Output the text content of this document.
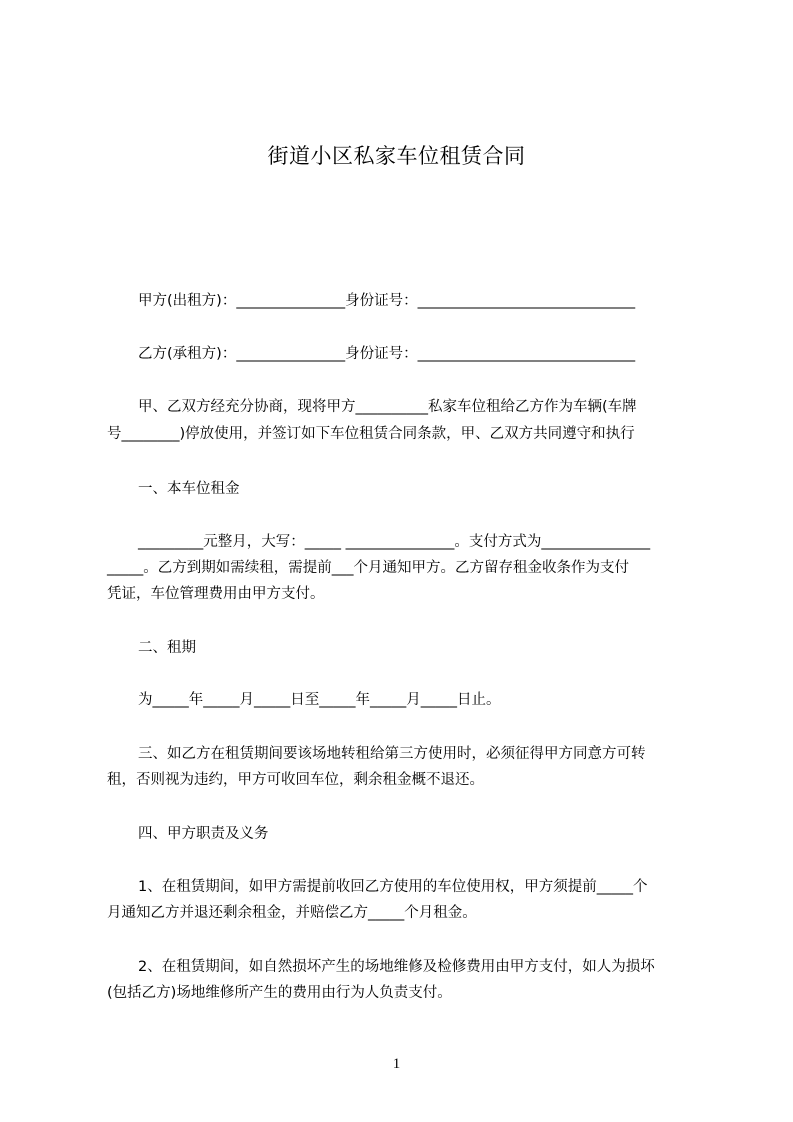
街道小区私家车位租赁合同
甲方(出租方)：_______________身份证号：______________________________
乙方(承租方)：_______________身份证号：______________________________
甲、乙双方经充分协商，现将甲方__________私家车位租给乙方作为车辆(车牌
号________)停放使用，并签订如下车位租赁合同条款，甲、乙双方共同遵守和执行
一、本车位租金
_________元整月，大写：_____ _______________。支付方式为_______________
_____。乙方到期如需续租，需提前___个月通知甲方。乙方留存租金收条作为支付
凭证，车位管理费用由甲方支付。
二、租期
为_____年_____月_____日至_____年_____月_____日止。
三、如乙方在租赁期间要该场地转租给第三方使用时，必须征得甲方同意方可转
租，否则视为违约，甲方可收回车位，剩余租金概不退还。
四、甲方职责及义务
1、在租赁期间，如甲方需提前收回乙方使用的车位使用权，甲方须提前_____个
月通知乙方并退还剩余租金，并赔偿乙方_____个月租金。
2、在租赁期间，如自然损坏产生的场地维修及检修费用由甲方支付，如人为损坏
(包括乙方)场地维修所产生的费用由行为人负责支付。
1
